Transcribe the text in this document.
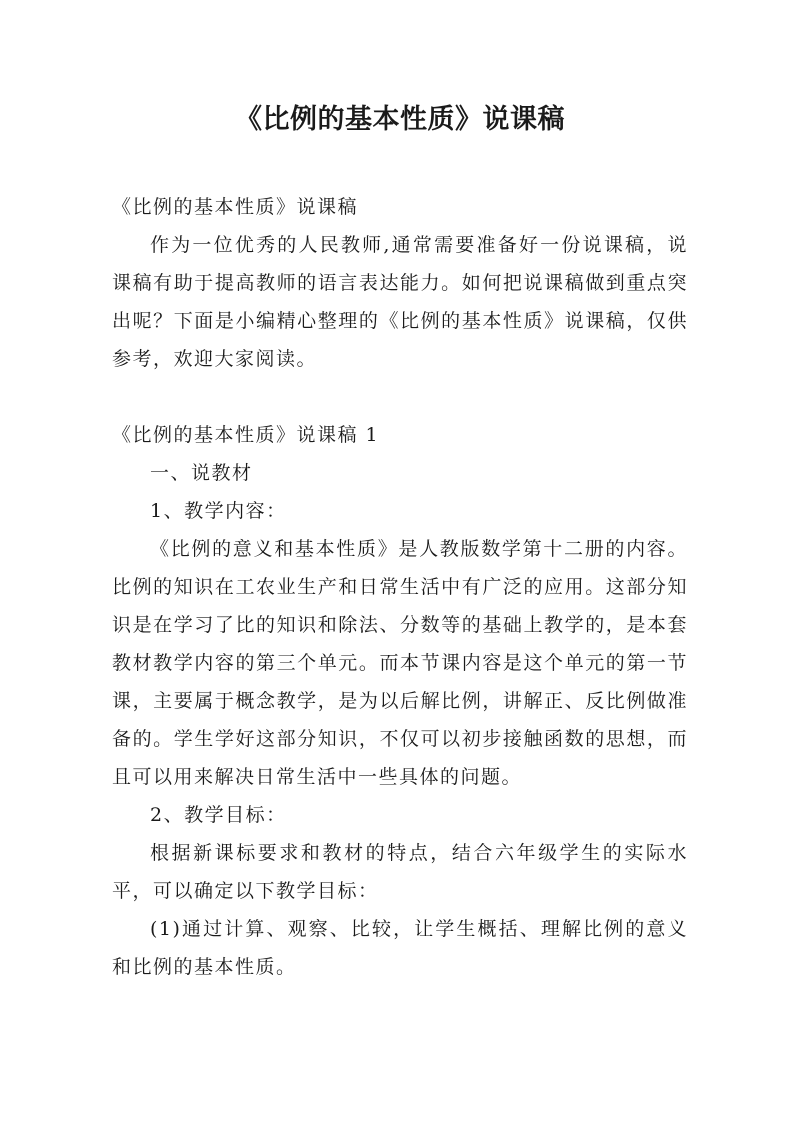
《比例的基本性质》说课稿

《比例的基本性质》说课稿

作为一位优秀的人民教师,通常需要准备好一份说课稿，说课稿有助于提高教师的语言表达能力。如何把说课稿做到重点突出呢？下面是小编精心整理的《比例的基本性质》说课稿，仅供参考，欢迎大家阅读。

《比例的基本性质》说课稿 1

一、说教材

1、教学内容：

《比例的意义和基本性质》是人教版数学第十二册的内容。比例的知识在工农业生产和日常生活中有广泛的应用。这部分知识是在学习了比的知识和除法、分数等的基础上教学的，是本套教材教学内容的第三个单元。而本节课内容是这个单元的第一节课，主要属于概念教学，是为以后解比例，讲解正、反比例做准备的。学生学好这部分知识，不仅可以初步接触函数的思想，而且可以用来解决日常生活中一些具体的问题。

2、教学目标：

根据新课标要求和教材的特点，结合六年级学生的实际水平，可以确定以下教学目标：

(1)通过计算、观察、比较，让学生概括、理解比例的意义和比例的基本性质。
